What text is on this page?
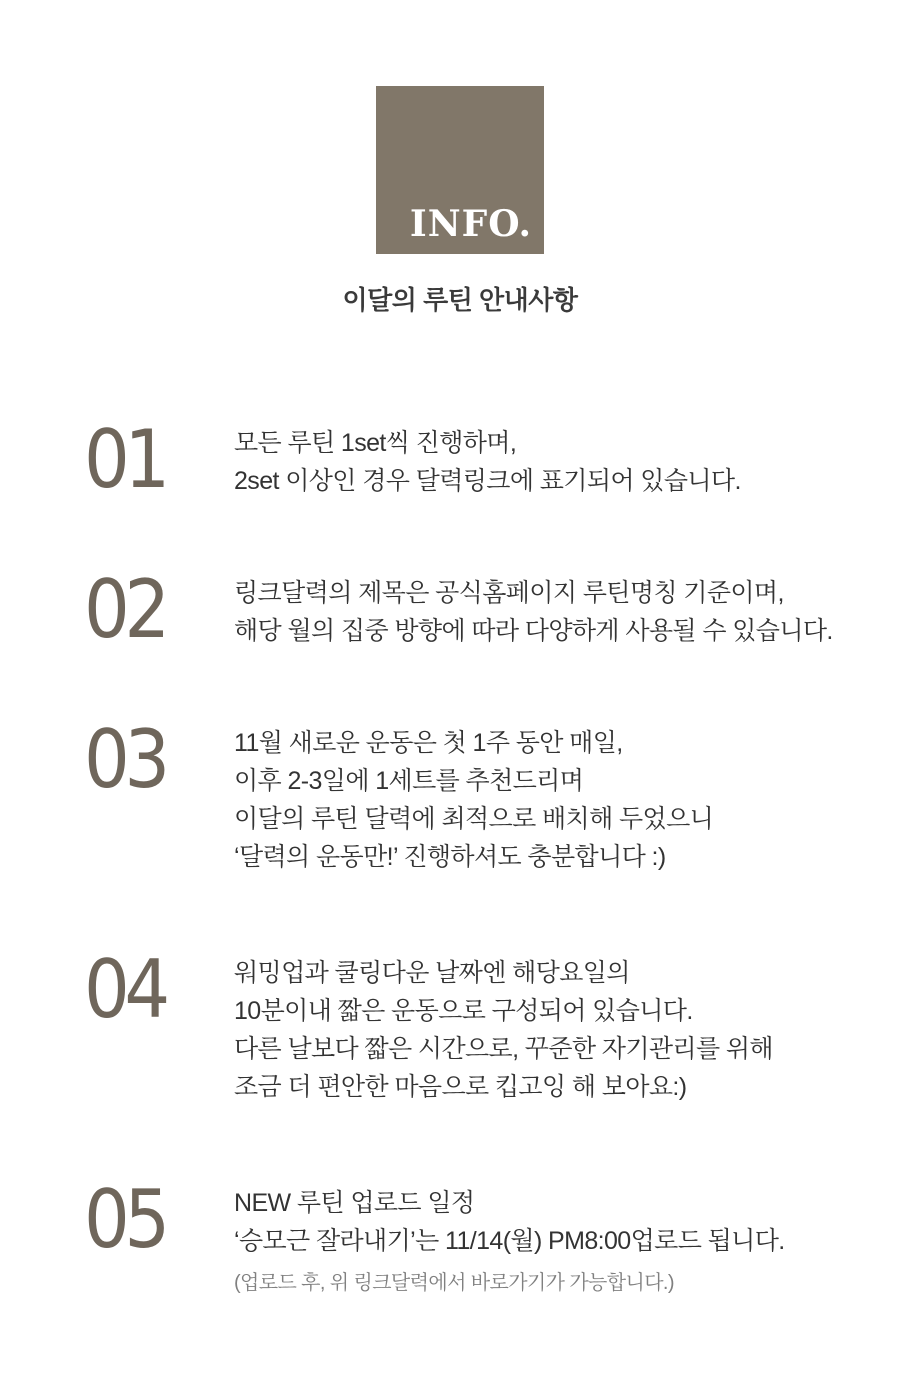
INFO.
이달의 루틴 안내사항
01	모든 루틴 1set씩 진행하며,
2set 이상인 경우 달력링크에 표기되어 있습니다.
02	링크달력의 제목은 공식홈페이지 루틴명칭 기준이며,
해당 월의 집중 방향에 따라 다양하게 사용될 수 있습니다.
03	11월 새로운 운동은 첫 1주 동안 매일,
이후 2-3일에 1세트를 추천드리며
이달의 루틴 달력에 최적으로 배치해 두었으니
‘달력의 운동만!’ 진행하셔도 충분합니다 :)
04	워밍업과 쿨링다운 날짜엔 해당요일의
10분이내 짧은 운동으로 구성되어 있습니다.
다른 날보다 짧은 시간으로, 꾸준한 자기관리를 위해
조금 더 편안한 마음으로 킵고잉 해 보아요:)
05	NEW 루틴 업로드 일정
‘승모근 잘라내기’는 11/14(월) PM8:00업로드 됩니다.
(업로드 후, 위 링크달력에서 바로가기가 가능합니다.)
